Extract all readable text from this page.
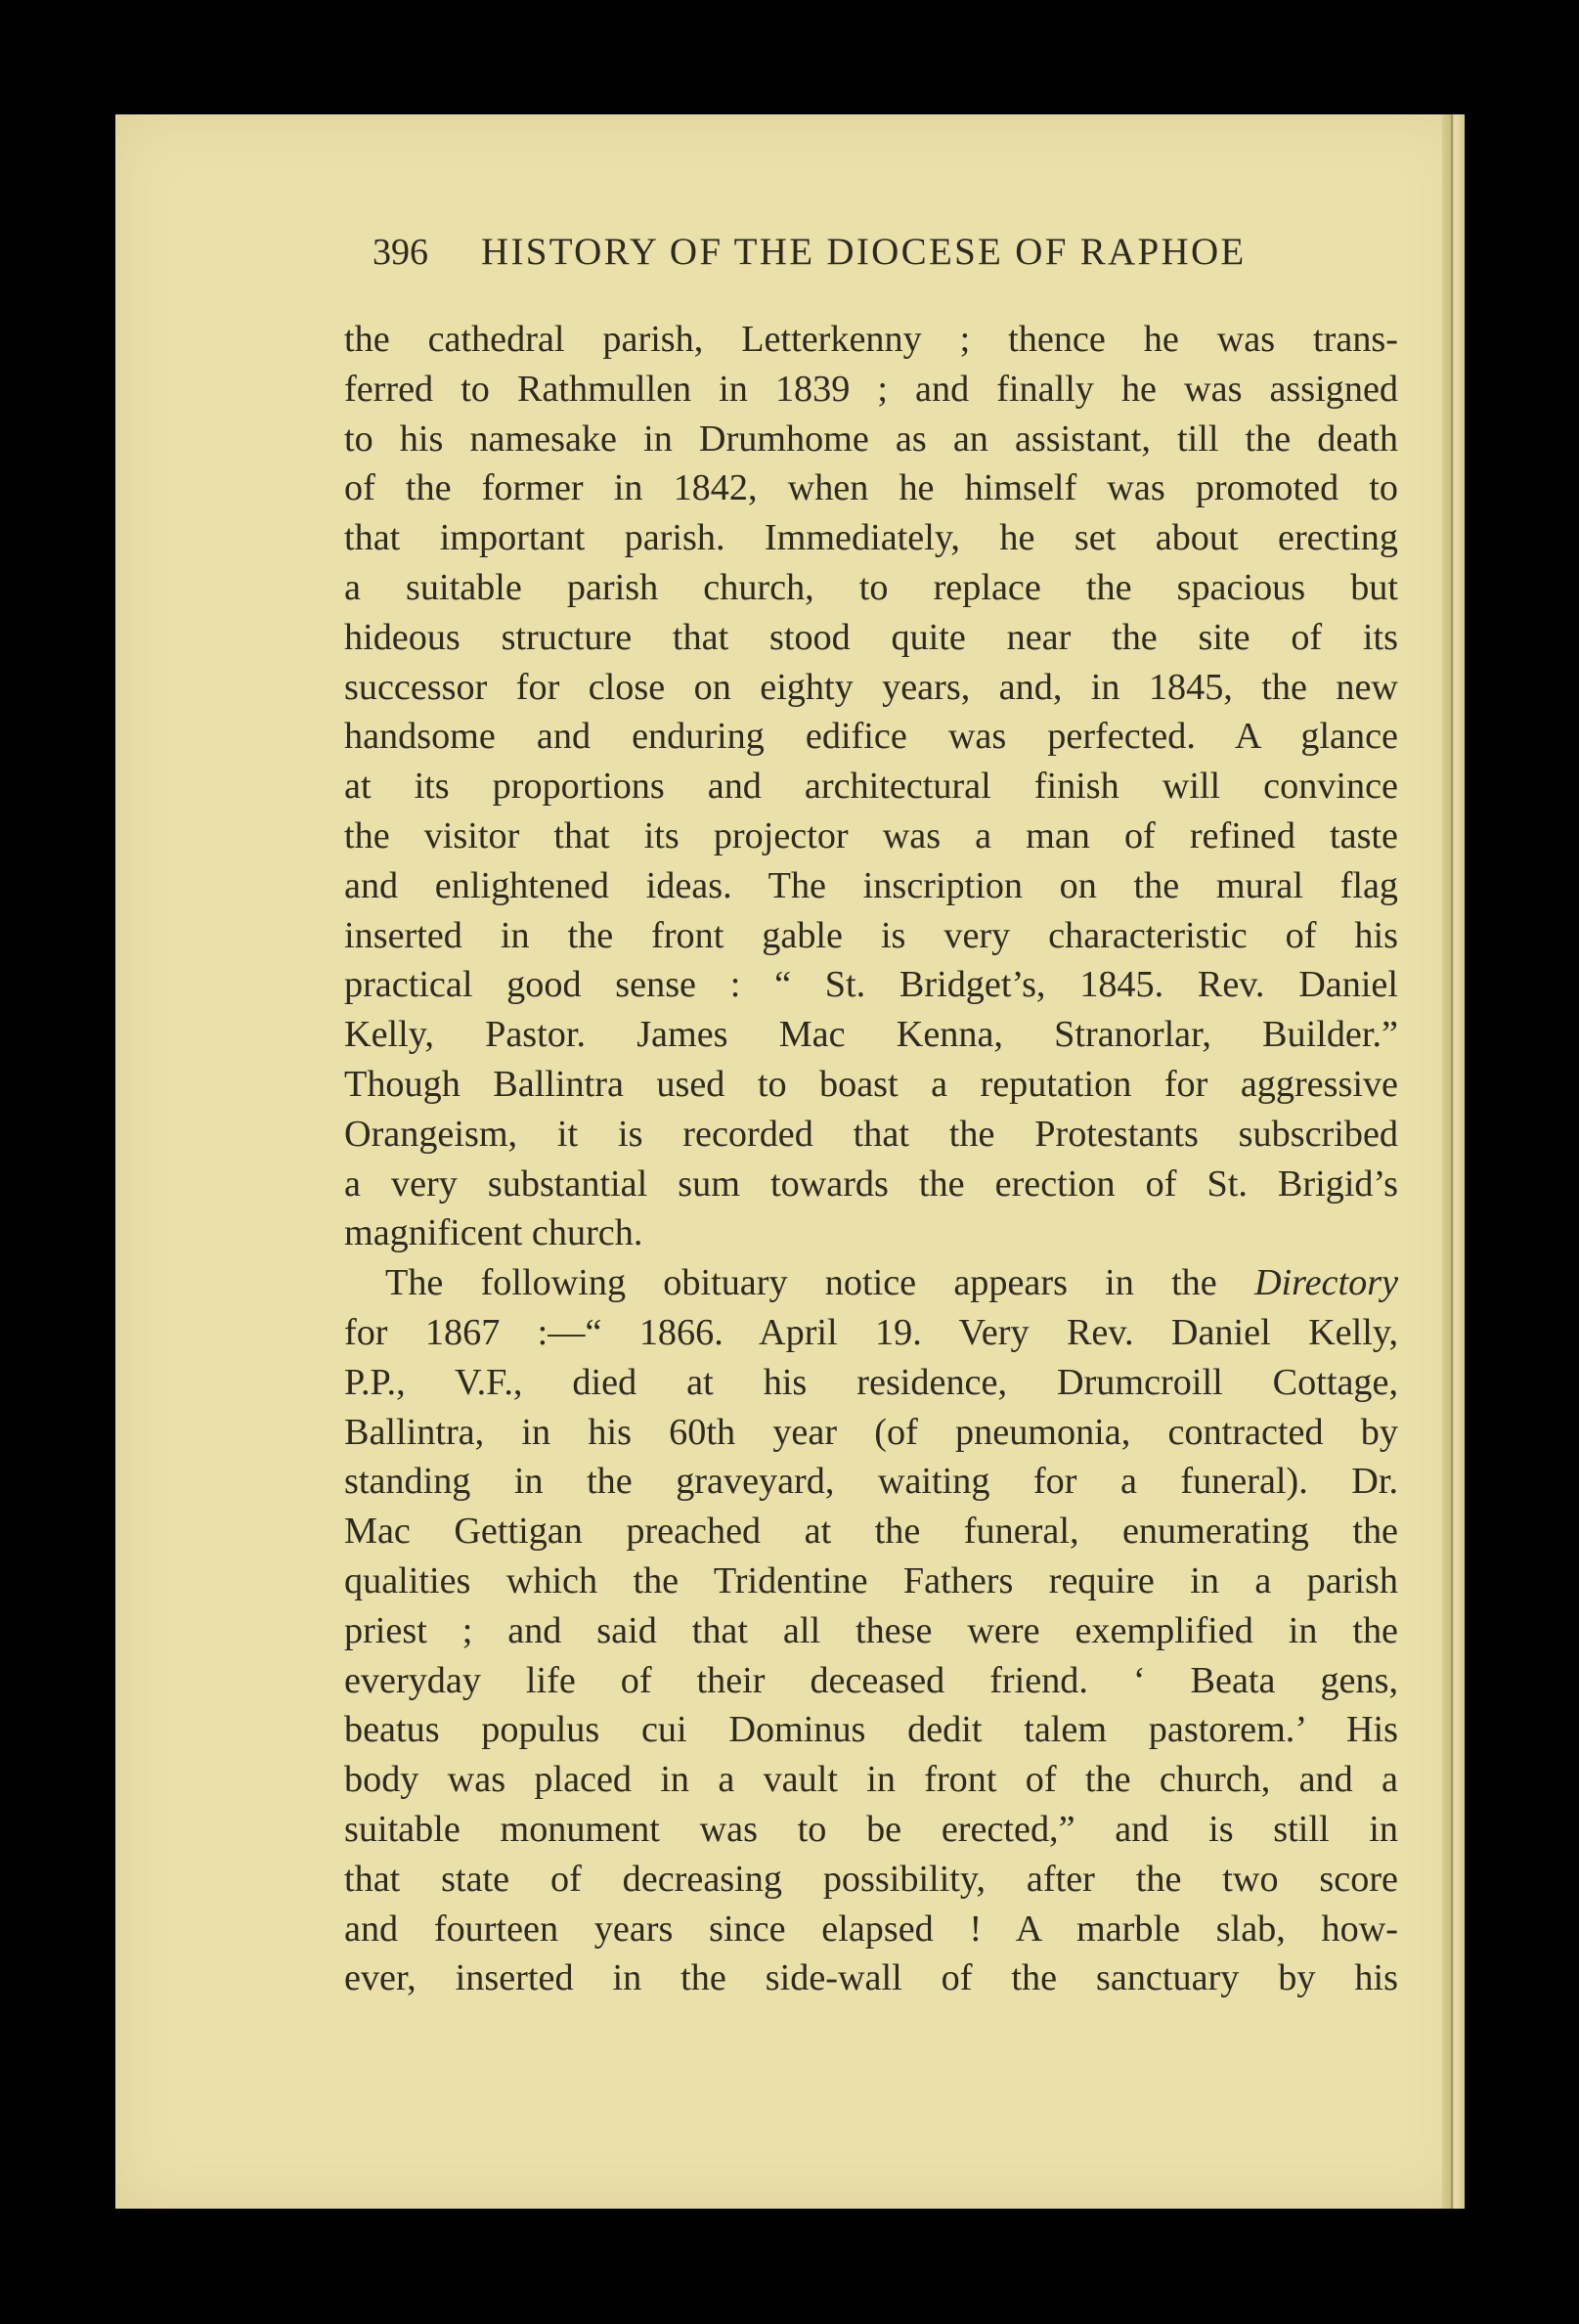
396 HISTORY OF THE DIOCESE OF RAPHOE
the cathedral parish, Letterkenny ; thence he was trans-
ferred to Rathmullen in 1839 ; and finally he was assigned
to his namesake in Drumhome as an assistant, till the death
of the former in 1842, when he himself was promoted to
that important parish. Immediately, he set about erecting
a suitable parish church, to replace the spacious but
hideous structure that stood quite near the site of its
successor for close on eighty years, and, in 1845, the new
handsome and enduring edifice was perfected. A glance
at its proportions and architectural finish will convince
the visitor that its projector was a man of refined taste
and enlightened ideas. The inscription on the mural flag
inserted in the front gable is very characteristic of his
practical good sense : “ St. Bridget’s, 1845. Rev. Daniel
Kelly, Pastor. James Mac Kenna, Stranorlar, Builder.”
Though Ballintra used to boast a reputation for aggressive
Orangeism, it is recorded that the Protestants subscribed
a very substantial sum towards the erection of St. Brigid’s
magnificent church.
The following obituary notice appears in the Directory
for 1867 :—“ 1866. April 19. Very Rev. Daniel Kelly,
P.P., V.F., died at his residence, Drumcroill Cottage,
Ballintra, in his 60th year (of pneumonia, contracted by
standing in the graveyard, waiting for a funeral). Dr.
Mac Gettigan preached at the funeral, enumerating the
qualities which the Tridentine Fathers require in a parish
priest ; and said that all these were exemplified in the
everyday life of their deceased friend. ‘ Beata gens,
beatus populus cui Dominus dedit talem pastorem.’ His
body was placed in a vault in front of the church, and a
suitable monument was to be erected,” and is still in
that state of decreasing possibility, after the two score
and fourteen years since elapsed ! A marble slab, how-
ever, inserted in the side-wall of the sanctuary by his
